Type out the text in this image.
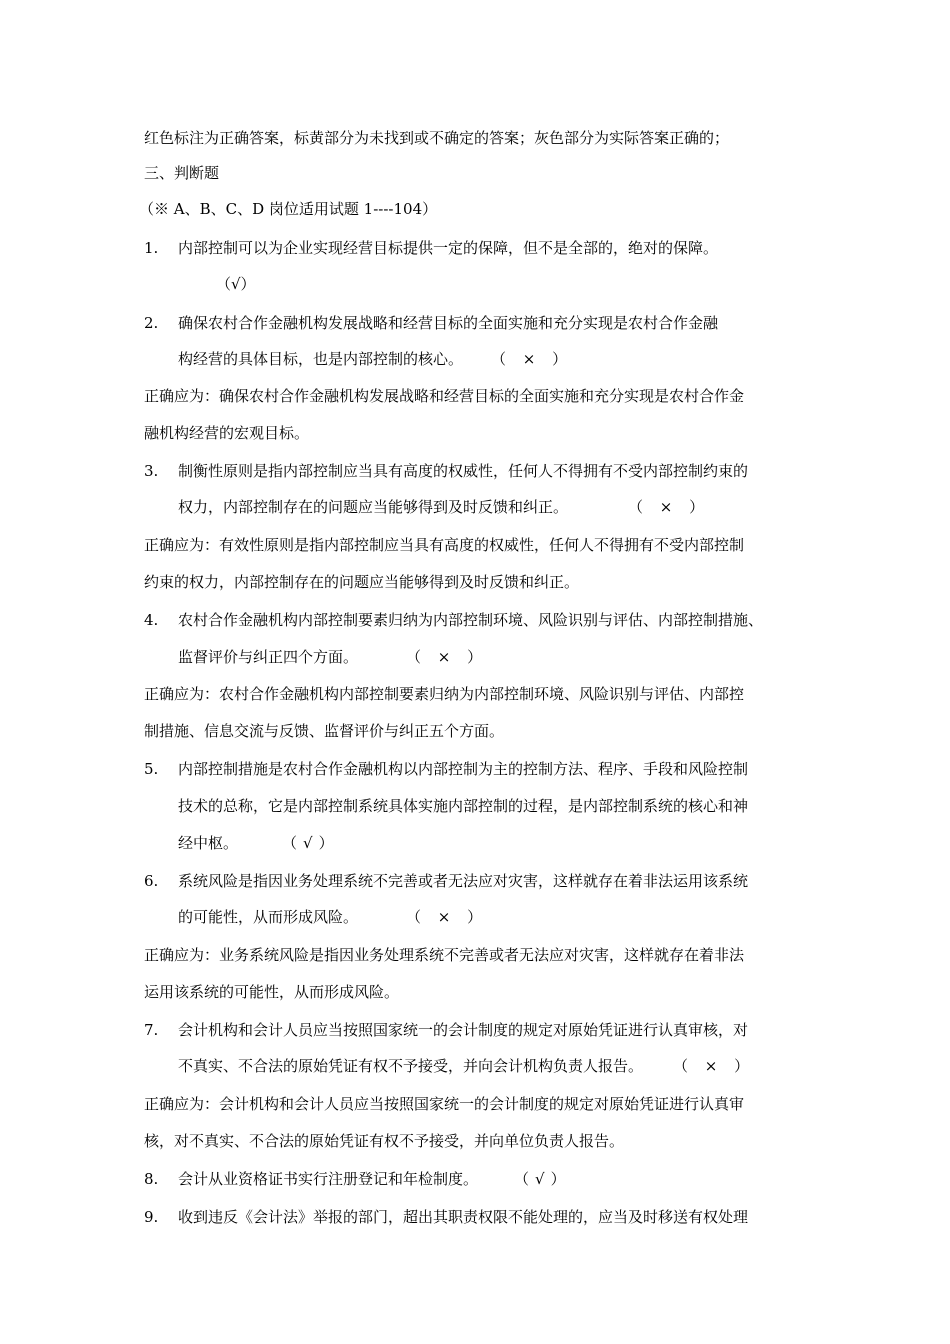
红色标注为正确答案，标黄部分为未找到或不确定的答案；灰色部分为实际答案正确的；
三、判断题
（※ A、B、C、D 岗位适用试题 1----104）
1. 内部控制可以为企业实现经营目标提供一定的保障，但不是全部的，绝对的保障。
（√）
2. 确保农村合作金融机构发展战略和经营目标的全面实施和充分实现是农村合作金融
构经营的具体目标，也是内部控制的核心。 （ × ）
正确应为：确保农村合作金融机构发展战略和经营目标的全面实施和充分实现是农村合作金
融机构经营的宏观目标。
3. 制衡性原则是指内部控制应当具有高度的权威性，任何人不得拥有不受内部控制约束的
权力，内部控制存在的问题应当能够得到及时反馈和纠正。	（ × ）
正确应为：有效性原则是指内部控制应当具有高度的权威性，任何人不得拥有不受内部控制
约束的权力，内部控制存在的问题应当能够得到及时反馈和纠正。
4. 农村合作金融机构内部控制要素归纳为内部控制环境、风险识别与评估、内部控制措施、
监督评价与纠正四个方面。	（ × ）
正确应为：农村合作金融机构内部控制要素归纳为内部控制环境、风险识别与评估、内部控
制措施、信息交流与反馈、监督评价与纠正五个方面。
5. 内部控制措施是农村合作金融机构以内部控制为主的控制方法、程序、手段和风险控制
技术的总称，它是内部控制系统具体实施内部控制的过程，是内部控制系统的核心和神
经中枢。	（√）
6. 系统风险是指因业务处理系统不完善或者无法应对灾害，这样就存在着非法运用该系统
的可能性，从而形成风险。	（ × ）
正确应为：业务系统风险是指因业务处理系统不完善或者无法应对灾害，这样就存在着非法
运用该系统的可能性，从而形成风险。
7. 会计机构和会计人员应当按照国家统一的会计制度的规定对原始凭证进行认真审核，对
不真实、不合法的原始凭证有权不予接受，并向会计机构负责人报告。 （ × ）
正确应为：会计机构和会计人员应当按照国家统一的会计制度的规定对原始凭证进行认真审
核，对不真实、不合法的原始凭证有权不予接受，并向单位负责人报告。
8. 会计从业资格证书实行注册登记和年检制度。 （√）
9. 收到违反《会计法》举报的部门，超出其职责权限不能处理的，应当及时移送有权处理
